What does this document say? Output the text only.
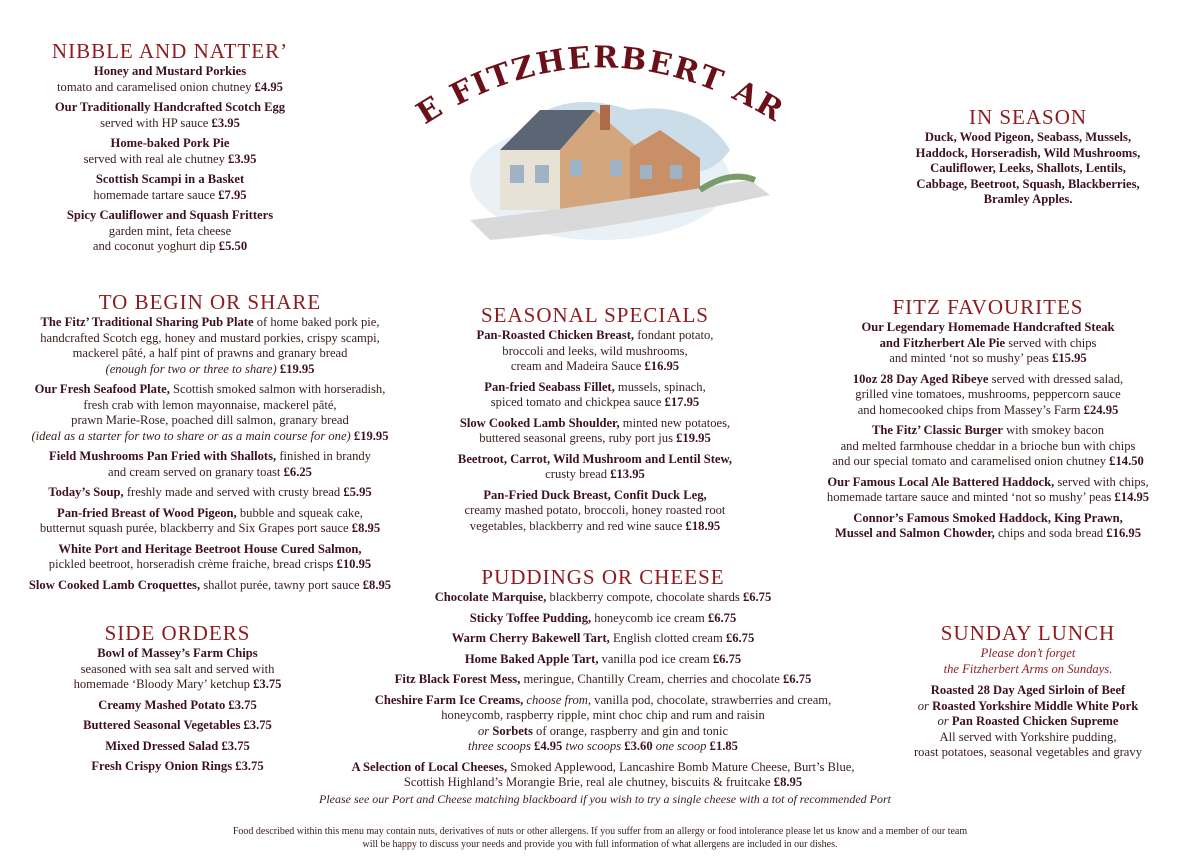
E FITZHERBERT AR
NIBBLE AND NATTER’
Honey and Mustard Porkies
tomato and caramelised onion chutney £4.95
Our Traditionally Handcrafted Scotch Egg
served with HP sauce £3.95
Home-baked Pork Pie
served with real ale chutney £3.95
Scottish Scampi in a Basket
homemade tartare sauce £7.95
Spicy Cauliflower and Squash Fritters
garden mint, feta cheese
and coconut yoghurt dip £5.50
IN SEASON
Duck, Wood Pigeon, Seabass, Mussels,
Haddock, Horseradish, Wild Mushrooms,
Cauliflower, Leeks, Shallots, Lentils,
Cabbage, Beetroot, Squash, Blackberries,
Bramley Apples.
TO BEGIN OR SHARE
The Fitz’ Traditional Sharing Pub Plate of home baked pork pie,
handcrafted Scotch egg, honey and mustard porkies, crispy scampi,
mackerel pâté, a half pint of prawns and granary bread
(enough for two or three to share) £19.95
Our Fresh Seafood Plate, Scottish smoked salmon with horseradish,
fresh crab with lemon mayonnaise, mackerel pâté,
prawn Marie-Rose, poached dill salmon, granary bread
(ideal as a starter for two to share or as a main course for one) £19.95
Field Mushrooms Pan Fried with Shallots, finished in brandy
and cream served on granary toast £6.25
Today’s Soup, freshly made and served with crusty bread £5.95
Pan-fried Breast of Wood Pigeon, bubble and squeak cake,
butternut squash purée, blackberry and Six Grapes port sauce £8.95
White Port and Heritage Beetroot House Cured Salmon,
pickled beetroot, horseradish crème fraiche, bread crisps £10.95
Slow Cooked Lamb Croquettes, shallot purée, tawny port sauce £8.95
SEASONAL SPECIALS
Pan-Roasted Chicken Breast, fondant potato,
broccoli and leeks, wild mushrooms,
cream and Madeira Sauce £16.95
Pan-fried Seabass Fillet, mussels, spinach,
spiced tomato and chickpea sauce £17.95
Slow Cooked Lamb Shoulder, minted new potatoes,
buttered seasonal greens, ruby port jus £19.95
Beetroot, Carrot, Wild Mushroom and Lentil Stew,
crusty bread £13.95
Pan-Fried Duck Breast, Confit Duck Leg,
creamy mashed potato, broccoli, honey roasted root
vegetables, blackberry and red wine sauce £18.95
FITZ FAVOURITES
Our Legendary Homemade Handcrafted Steak
and Fitzherbert Ale Pie served with chips
and minted ‘not so mushy’ peas £15.95
10oz 28 Day Aged Ribeye served with dressed salad,
grilled vine tomatoes, mushrooms, peppercorn sauce
and homecooked chips from Massey’s Farm £24.95
The Fitz’ Classic Burger with smokey bacon
and melted farmhouse cheddar in a brioche bun with chips
and our special tomato and caramelised onion chutney £14.50
Our Famous Local Ale Battered Haddock, served with chips,
homemade tartare sauce and minted ‘not so mushy’ peas £14.95
Connor’s Famous Smoked Haddock, King Prawn,
Mussel and Salmon Chowder, chips and soda bread £16.95
PUDDINGS OR CHEESE
Chocolate Marquise, blackberry compote, chocolate shards £6.75
Sticky Toffee Pudding, honeycomb ice cream £6.75
Warm Cherry Bakewell Tart, English clotted cream £6.75
Home Baked Apple Tart, vanilla pod ice cream £6.75
Fitz Black Forest Mess, meringue, Chantilly Cream, cherries and chocolate £6.75
Cheshire Farm Ice Creams, choose from, vanilla pod, chocolate, strawberries and cream,
honeycomb, raspberry ripple, mint choc chip and rum and raisin
or Sorbets of orange, raspberry and gin and tonic
three scoops £4.95 two scoops £3.60 one scoop £1.85
A Selection of Local Cheeses, Smoked Applewood, Lancashire Bomb Mature Cheese, Burt’s Blue,
Scottish Highland’s Morangie Brie, real ale chutney, biscuits & fruitcake £8.95
SIDE ORDERS
Bowl of Massey’s Farm Chips
seasoned with sea salt and served with
homemade ‘Bloody Mary’ ketchup £3.75
Creamy Mashed Potato £3.75
Buttered Seasonal Vegetables £3.75
Mixed Dressed Salad £3.75
Fresh Crispy Onion Rings £3.75
SUNDAY LUNCH
Please don’t forget
the Fitzherbert Arms on Sundays.
Roasted 28 Day Aged Sirloin of Beef
or Roasted Yorkshire Middle White Pork
or Pan Roasted Chicken Supreme
All served with Yorkshire pudding,
roast potatoes, seasonal vegetables and gravy
Please see our Port and Cheese matching blackboard if you wish to try a single cheese with a tot of recommended Port
Food described within this menu may contain nuts, derivatives of nuts or other allergens. If you suffer from an allergy or food intolerance please let us know and a member of our team
will be happy to discuss your needs and provide you with full information of what allergens are included in our dishes.
